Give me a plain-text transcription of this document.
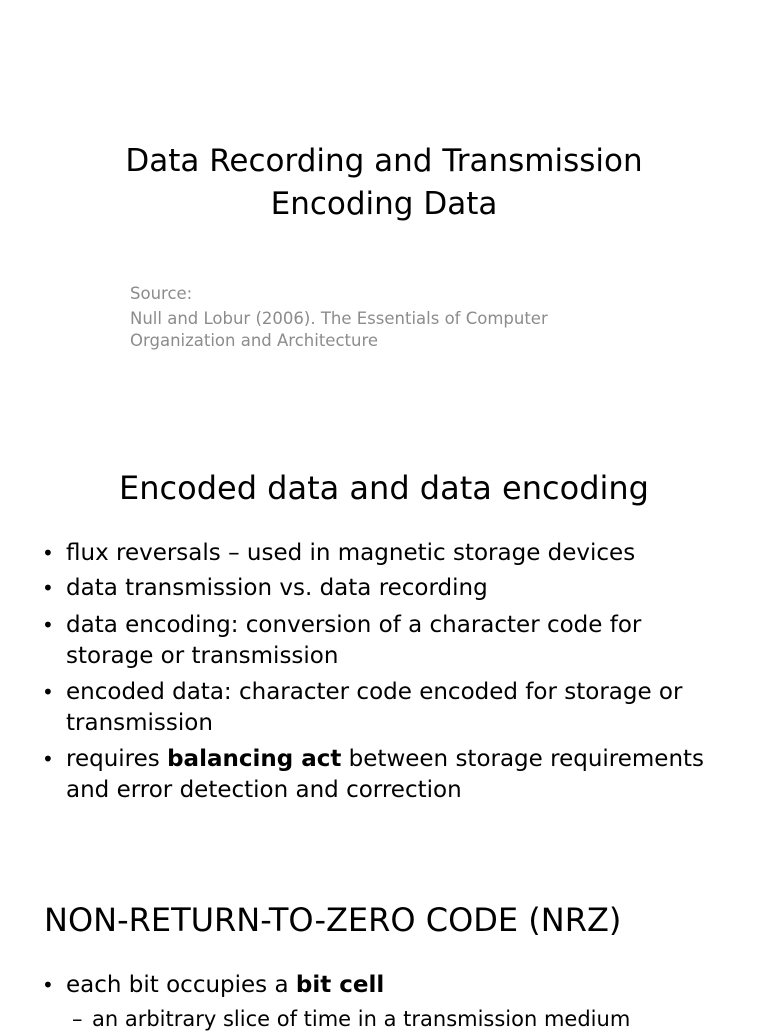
Data Recording and Transmission
Encoding Data
Source:
Null and Lobur (2006). The Essentials of Computer Organization and Architecture
Encoded data and data encoding
• flux reversals – used in magnetic storage devices
• data transmission vs. data recording
• data encoding: conversion of a character code for storage or transmission
• encoded data: character code encoded for storage or transmission
• requires balancing act between storage requirements and error detection and correction
NON-RETURN-TO-ZERO CODE (NRZ)
• each bit occupies a bit cell
– an arbitrary slice of time in a transmission medium
